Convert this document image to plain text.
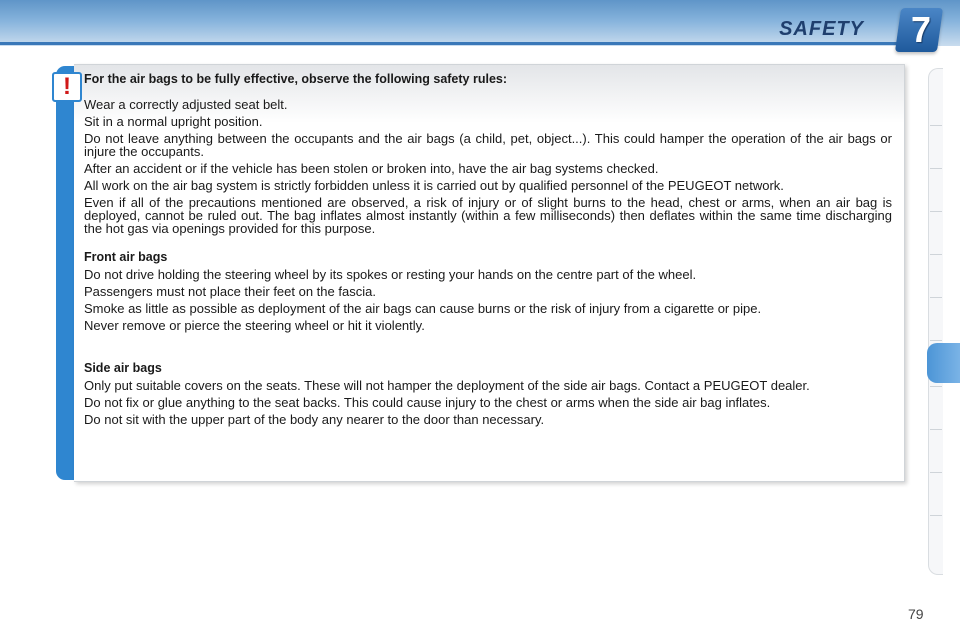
SAFETY 7

For the air bags to be fully effective, observe the following safety rules:

Wear a correctly adjusted seat belt.

Sit in a normal upright position.

Do not leave anything between the occupants and the air bags (a child, pet, object...). This could hamper the operation of the air bags or injure the occupants.

After an accident or if the vehicle has been stolen or broken into, have the air bag systems checked.

All work on the air bag system is strictly forbidden unless it is carried out by qualified personnel of the PEUGEOT network.

Even if all of the precautions mentioned are observed, a risk of injury or of slight burns to the head, chest or arms, when an air bag is deployed, cannot be ruled out. The bag inflates almost instantly (within a few milliseconds) then deflates within the same time discharging the hot gas via openings provided for this purpose.

Front air bags

Do not drive holding the steering wheel by its spokes or resting your hands on the centre part of the wheel.

Passengers must not place their feet on the fascia.

Smoke as little as possible as deployment of the air bags can cause burns or the risk of injury from a cigarette or pipe.

Never remove or pierce the steering wheel or hit it violently.

Side air bags

Only put suitable covers on the seats. These will not hamper the deployment of the side air bags. Contact a PEUGEOT dealer.

Do not fix or glue anything to the seat backs. This could cause injury to the chest or arms when the side air bag inflates.

Do not sit with the upper part of the body any nearer to the door than necessary.

!
79
